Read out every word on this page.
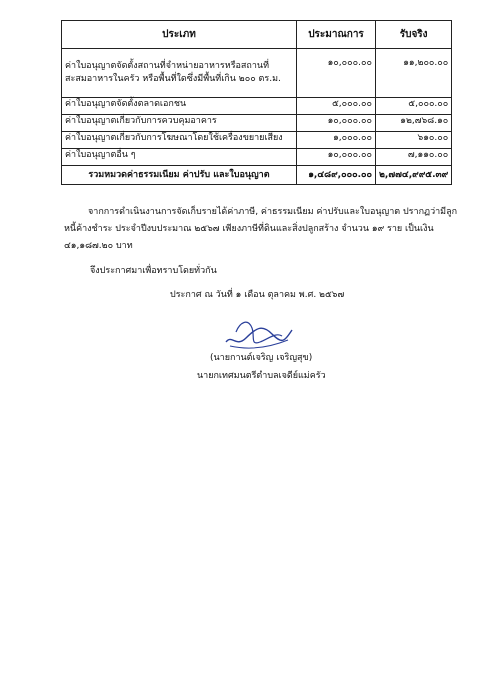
ประเภท	ประมาณการ	รับจริง

ค่าใบอนุญาตจัดตั้งสถานที่จำหน่ายอาหารหรือสถานที่
สะสมอาหารในครัว หรือพื้นที่ใดซึ่งมีพื้นที่เกิน ๒๐๐ ตร.ม.	๑๐,๐๐๐.๐๐	๑๑,๒๐๐.๐๐
ค่าใบอนุญาตจัดตั้งตลาดเอกชน	๕,๐๐๐.๐๐	๕,๐๐๐.๐๐
ค่าใบอนุญาตเกี่ยวกับการควบคุมอาคาร	๑๐,๐๐๐.๐๐	๑๒,๗๖๘.๑๐
ค่าใบอนุญาตเกี่ยวกับการโฆษณาโดยใช้เครื่องขยายเสียง	๑,๐๐๐.๐๐	๖๑๐.๐๐
ค่าใบอนุญาตอื่น ๆ	๑๐,๐๐๐.๐๐	๗,๑๑๐.๐๐
รวมหมวดค่าธรรมเนียม ค่าปรับ และใบอนุญาต	๑,๔๘๙,๐๐๐.๐๐	๒,๗๗๔,๙๙๕.๓๙
จากการดำเนินงานการจัดเก็บรายได้ค่าภาษี, ค่าธรรมเนียม ค่าปรับและใบอนุญาต ปรากฏว่ามีลูกหนี้ค้างชำระ ประจำปีงบประมาณ ๒๕๖๗ เพียงภาษีที่ดินและสิ่งปลูกสร้าง จำนวน ๑๙ ราย เป็นเงิน ๔๑,๑๘๗.๒๐ บาท
จึงประกาศมาเพื่อทราบโดยทั่วกัน
ประกาศ ณ วันที่ ๑ เดือน ตุลาคม พ.ศ. ๒๕๖๗
(นายกานต์เจริญ เจริญสุข)
นายกเทศมนตรีตำบลเจดีย์แม่ครัว
